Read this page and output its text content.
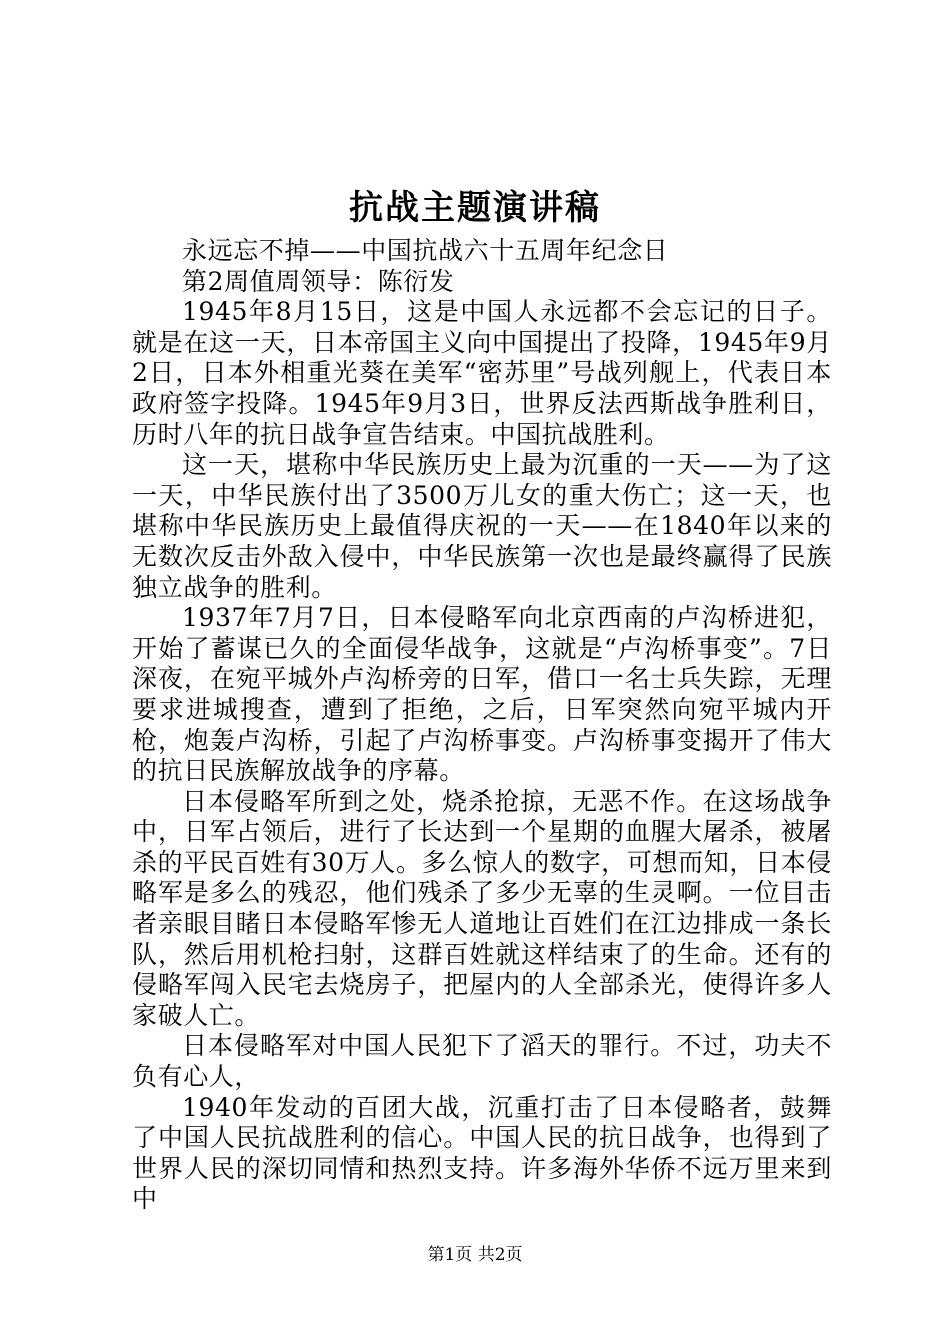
抗战主题演讲稿

永远忘不掉——中国抗战六十五周年纪念日

第2周值周领导：陈衍发

1945年8月15日，这是中国人永远都不会忘记的日子。就是在这一天，日本帝国主义向中国提出了投降，1945年9月2日，日本外相重光葵在美军“密苏里”号战列舰上，代表日本政府签字投降。1945年9月3日，世界反法西斯战争胜利日，历时八年的抗日战争宣告结束。中国抗战胜利。

这一天，堪称中华民族历史上最为沉重的一天——为了这一天，中华民族付出了3500万儿女的重大伤亡；这一天，也堪称中华民族历史上最值得庆祝的一天——在1840年以来的无数次反击外敌入侵中，中华民族第一次也是最终赢得了民族独立战争的胜利。

1937年7月7日，日本侵略军向北京西南的卢沟桥进犯，开始了蓄谋已久的全面侵华战争，这就是“卢沟桥事变”。7日深夜，在宛平城外卢沟桥旁的日军，借口一名士兵失踪，无理要求进城搜查，遭到了拒绝，之后，日军突然向宛平城内开枪，炮轰卢沟桥，引起了卢沟桥事变。卢沟桥事变揭开了伟大的抗日民族解放战争的序幕。

日本侵略军所到之处，烧杀抢掠，无恶不作。在这场战争中，日军占领后，进行了长达到一个星期的血腥大屠杀，被屠杀的平民百姓有30万人。多么惊人的数字，可想而知，日本侵略军是多么的残忍，他们残杀了多少无辜的生灵啊。一位目击者亲眼目睹日本侵略军惨无人道地让百姓们在江边排成一条长队，然后用机枪扫射，这群百姓就这样结束了的生命。还有的侵略军闯入民宅去烧房子，把屋内的人全部杀光，使得许多人家破人亡。

日本侵略军对中国人民犯下了滔天的罪行。不过，功夫不负有心人，

1940年发动的百团大战，沉重打击了日本侵略者，鼓舞了中国人民抗战胜利的信心。中国人民的抗日战争，也得到了世界人民的深切同情和热烈支持。许多海外华侨不远万里来到中

第1页 共2页
